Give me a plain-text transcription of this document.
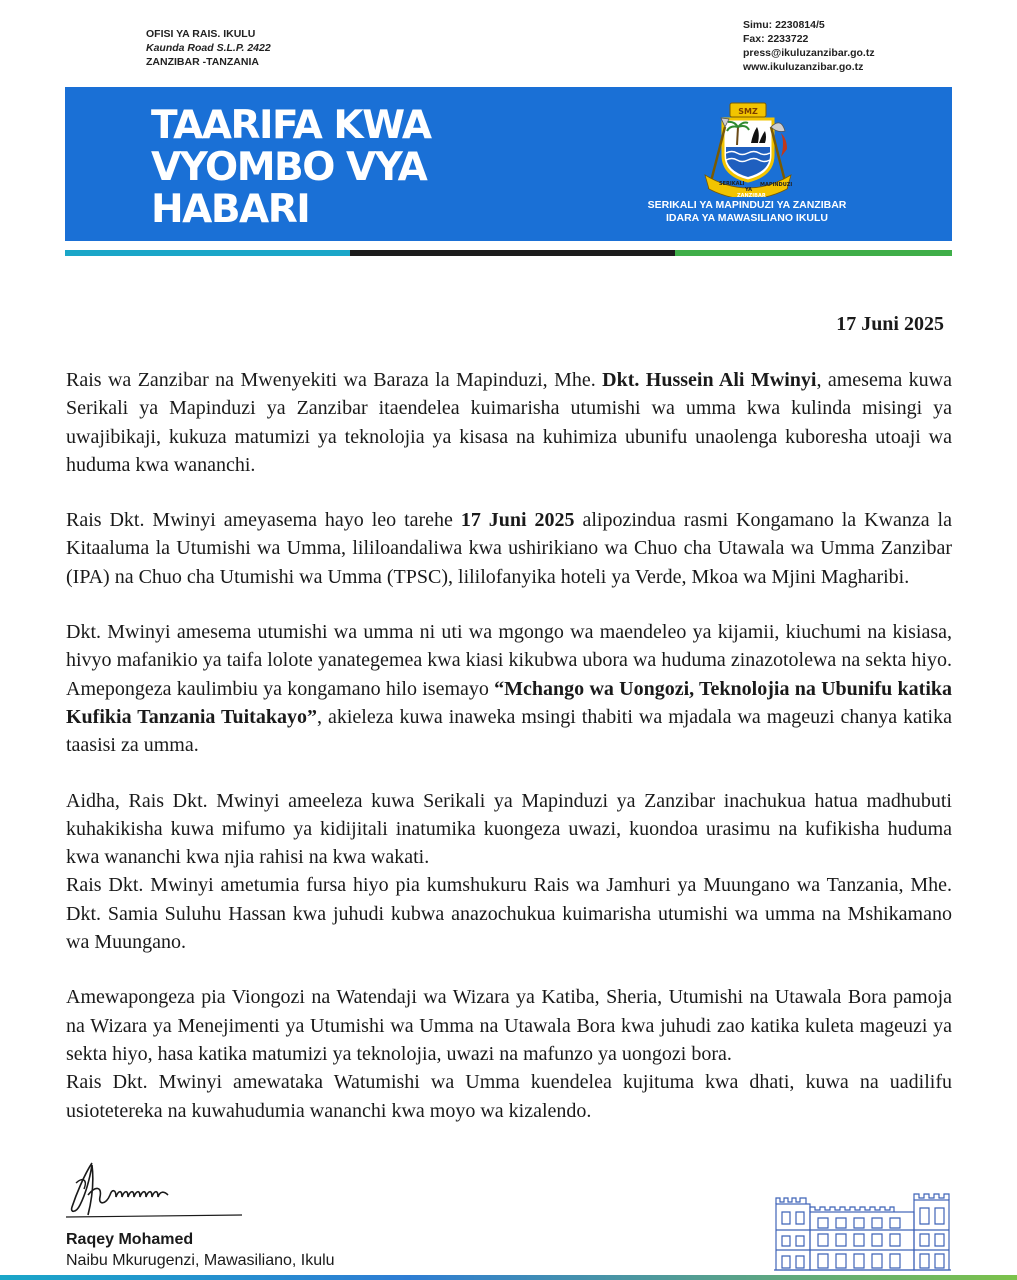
OFISI YA RAIS. IKULU
Kaunda Road S.L.P. 2422
ZANZIBAR -TANZANIA
Simu: 2230814/5
Fax: 2233722
press@ikuluzanzibar.go.tz
www.ikuluzanzibar.go.tz
TAARIFA KWA
VYOMBO VYA
HABARI
SMZ
SERIKALI
YA
MAPINDUZI
ZANZIBAR
SERIKALI YA MAPINDUZI YA ZANZIBAR
IDARA YA MAWASILIANO IKULU
17 Juni 2025

Rais wa Zanzibar na Mwenyekiti wa Baraza la Mapinduzi, Mhe. Dkt. Hussein Ali Mwinyi, amesema kuwa Serikali ya Mapinduzi ya Zanzibar itaendelea kuimarisha utumishi wa umma kwa kulinda misingi ya uwajibikaji, kukuza matumizi ya teknolojia ya kisasa na kuhimiza ubunifu unaolenga kuboresha utoaji wa huduma kwa wananchi.

Rais Dkt. Mwinyi ameyasema hayo leo tarehe 17 Juni 2025 alipozindua rasmi Kongamano la Kwanza la Kitaaluma la Utumishi wa Umma, lililoandaliwa kwa ushirikiano wa Chuo cha Utawala wa Umma Zanzibar (IPA) na Chuo cha Utumishi wa Umma (TPSC), lililofanyika hoteli ya Verde, Mkoa wa Mjini Magharibi.

Dkt. Mwinyi amesema utumishi wa umma ni uti wa mgongo wa maendeleo ya kijamii, kiuchumi na kisiasa, hivyo mafanikio ya taifa lolote yanategemea kwa kiasi kikubwa ubora wa huduma zinazotolewa na sekta hiyo. Amepongeza kaulimbiu ya kongamano hilo isemayo “Mchango wa Uongozi, Teknolojia na Ubunifu katika Kufikia Tanzania Tuitakayo”, akieleza kuwa inaweka msingi thabiti wa mjadala wa mageuzi chanya katika taasisi za umma.

Aidha, Rais Dkt. Mwinyi ameeleza kuwa Serikali ya Mapinduzi ya Zanzibar inachukua hatua madhubuti kuhakikisha kuwa mifumo ya kidijitali inatumika kuongeza uwazi, kuondoa urasimu na kufikisha huduma kwa wananchi kwa njia rahisi na kwa wakati.

Rais Dkt. Mwinyi ametumia fursa hiyo pia kumshukuru Rais wa Jamhuri ya Muungano wa Tanzania, Mhe. Dkt. Samia Suluhu Hassan kwa juhudi kubwa anazochukua kuimarisha utumishi wa umma na Mshikamano wa Muungano.

Amewapongeza pia Viongozi na Watendaji wa Wizara ya Katiba, Sheria, Utumishi na Utawala Bora pamoja na Wizara ya Menejimenti ya Utumishi wa Umma na Utawala Bora kwa juhudi zao katika kuleta mageuzi ya sekta hiyo, hasa katika matumizi ya teknolojia, uwazi na mafunzo ya uongozi bora.

Rais Dkt. Mwinyi amewataka Watumishi wa Umma kuendelea kujituma kwa dhati, kuwa na uadilifu usiotetereka na kuwahudumia wananchi kwa moyo wa kizalendo.

Raqey Mohamed
Naibu Mkurugenzi, Mawasiliano, Ikulu
